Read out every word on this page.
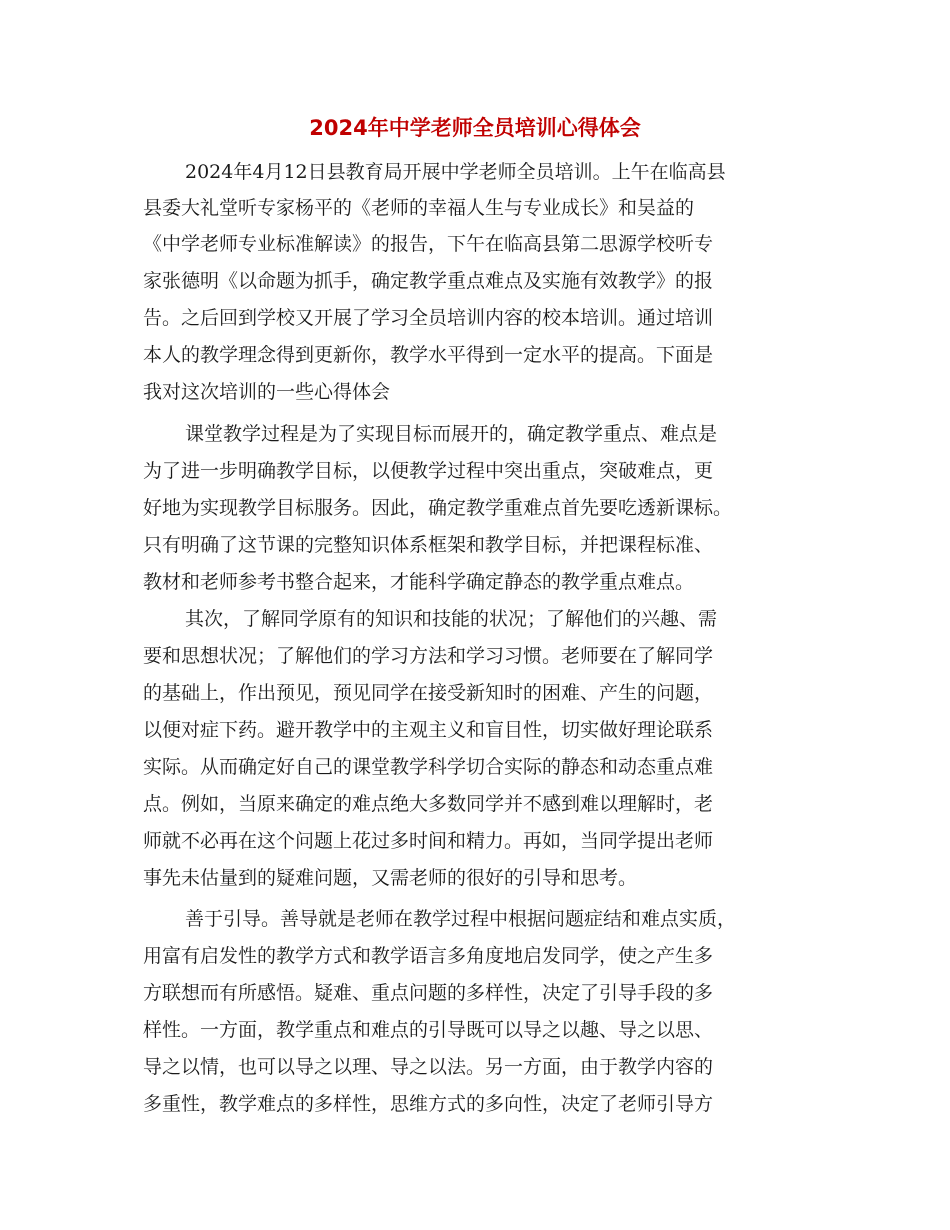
2024年中学老师全员培训心得体会

2024年4月12日县教育局开展中学老师全员培训。上午在临高县

县委大礼堂听专家杨平的《老师的幸福人生与专业成长》和吴益的

《中学老师专业标准解读》的报告，下午在临高县第二思源学校听专

家张德明《以命题为抓手，确定教学重点难点及实施有效教学》的报

告。之后回到学校又开展了学习全员培训内容的校本培训。通过培训

本人的教学理念得到更新你，教学水平得到一定水平的提高。下面是

我对这次培训的一些心得体会

课堂教学过程是为了实现目标而展开的，确定教学重点、难点是

为了进一步明确教学目标，以便教学过程中突出重点，突破难点，更

好地为实现教学目标服务。因此，确定教学重难点首先要吃透新课标。

只有明确了这节课的完整知识体系框架和教学目标，并把课程标准、

教材和老师参考书整合起来，才能科学确定静态的教学重点难点。

其次，了解同学原有的知识和技能的状况；了解他们的兴趣、需

要和思想状况；了解他们的学习方法和学习习惯。老师要在了解同学

的基础上，作出预见，预见同学在接受新知时的困难、产生的问题，

以便对症下药。避开教学中的主观主义和盲目性，切实做好理论联系

实际。从而确定好自己的课堂教学科学切合实际的静态和动态重点难

点。例如，当原来确定的难点绝大多数同学并不感到难以理解时，老

师就不必再在这个问题上花过多时间和精力。再如，当同学提出老师

事先未估量到的疑难问题，又需老师的很好的引导和思考。

善于引导。善导就是老师在教学过程中根据问题症结和难点实质，

用富有启发性的教学方式和教学语言多角度地启发同学，使之产生多

方联想而有所感悟。疑难、重点问题的多样性，决定了引导手段的多

样性。一方面，教学重点和难点的引导既可以导之以趣、导之以思、

导之以情，也可以导之以理、导之以法。另一方面，由于教学内容的

多重性，教学难点的多样性，思维方式的多向性，决定了老师引导方
